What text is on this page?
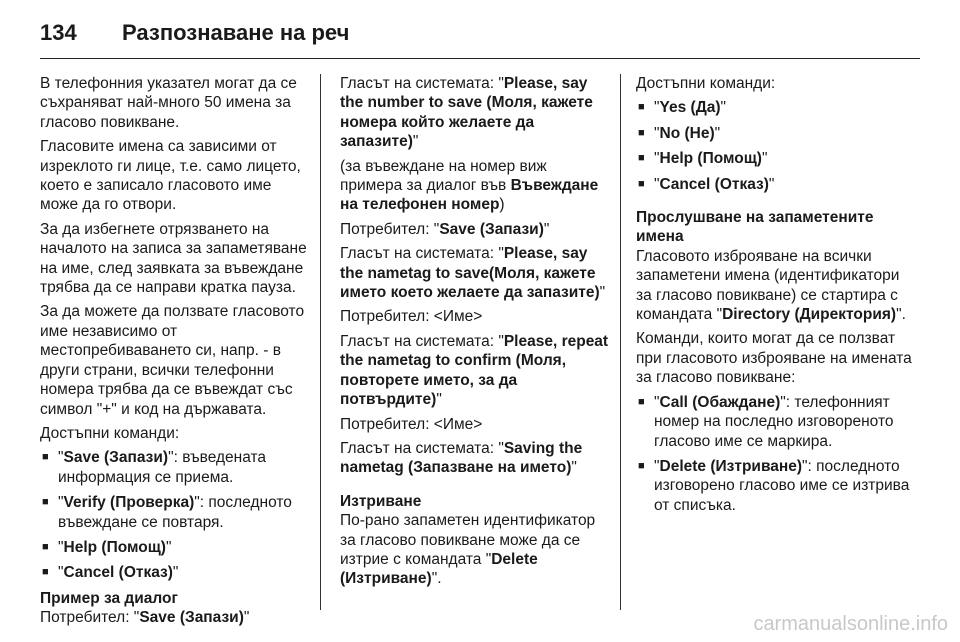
134 Разпознаване на реч

В телефонния указател могат да се съхраняват най-много 50 имена за гласово повикване.

Гласовите имена са зависими от изреклото ги лице, т.е. само лицето, което е записало гласовото име може да го отвори.

За да избегнете отрязването на началото на записа за запаметяване на име, след заявката за въвеждане трябва да се направи кратка пауза.

За да можете да ползвате гласовото име независимо от местопребиваването си, напр. - в други страни, всички телефонни номера трябва да се въвеждат със символ "+" и код на държавата.

Достъпни команди:

■ "Save (Запази)": въведената информация се приема.
■ "Verify (Проверка)": последното въвеждане се повтаря.
■ "Help (Помощ)"
■ "Cancel (Отказ)"
Пример за диалог

Потребител: "Save (Запази)"

Гласът на системата: "Please, say the number to save (Моля, кажете номера който желаете да запазите)"

(за въвеждане на номер виж примера за диалог във Въвеждане на телефонен номер)

Потребител: "Save (Запази)"

Гласът на системата: "Please, say the nametag to save(Моля, кажете името което желаете да запазите)"

Потребител: <Име>

Гласът на системата: "Please, repeat the nametag to confirm (Моля, повторете името, за да потвърдите)"

Потребител: <Име>

Гласът на системата: "Saving the nametag (Запазване на името)"

Изтриване

По-рано запаметен идентификатор за гласово повикване може да се изтрие с командата "Delete (Изтриване)".

Достъпни команди:

■ "Yes (Да)"
■ "No (Не)"
■ "Help (Помощ)"
■ "Cancel (Отказ)"
Прослушване на запаметените имена

Гласовото изброяване на всички запаметени имена (идентификатори за гласово повикване) се стартира с командата "Directory (Директория)".

Команди, които могат да се ползват при гласовото изброяване на имената за гласово повикване:

■ "Call (Обаждане)": телефонният номер на последно изговореното гласово име се маркира.
■ "Delete (Изтриване)": последното изговорено гласово име се изтрива от списъка.
carmanualsonline.info
